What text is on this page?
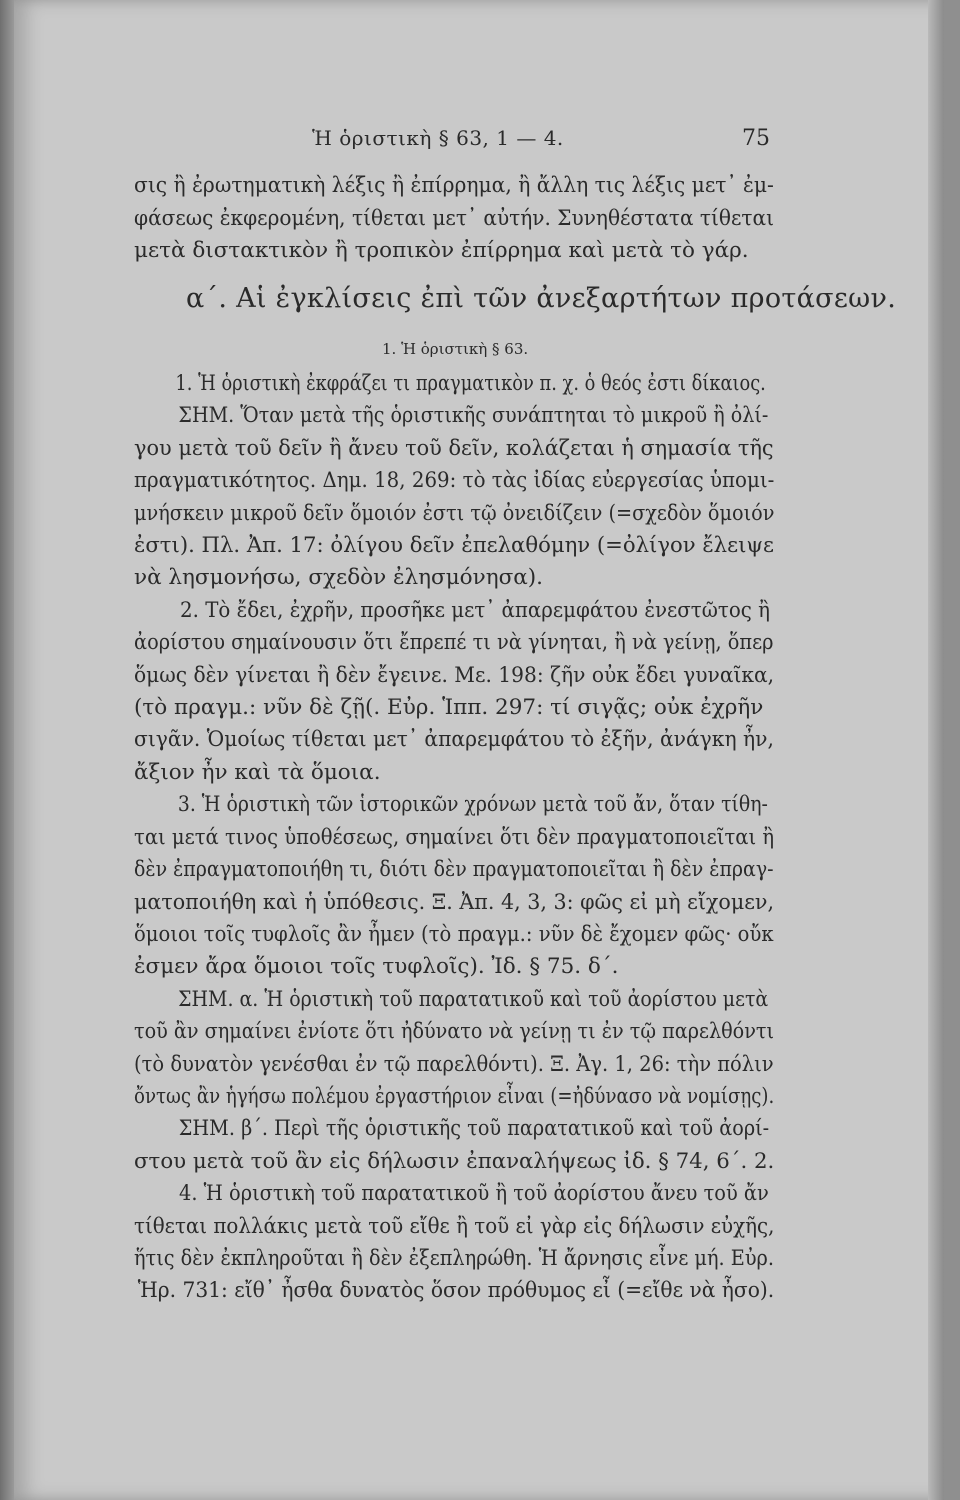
Ἡ ὁριστικὴ § 63, 1 — 4.	75
σις ἢ ἐρωτηματικὴ λέξις ἢ ἐπίρρημα, ἢ ἄλλη τις λέξις μετ᾽ ἐμ-
φάσεως ἐκφερομένη, τίθεται μετ᾽ αὐτήν. Συνηθέστατα τίθεται
μετὰ διστακτικὸν ἢ τροπικὸν ἐπίρρημα καὶ μετὰ τὸ γάρ.
α΄. Αἱ ἐγκλίσεις ἐπὶ τῶν ἀνεξαρτήτων προτάσεων.
1. Ἡ ὁριστικὴ § 63.
1. Ἡ ὁριστικὴ ἐκφράζει τι πραγματικὸν π. χ. ὁ θεός ἐστι δίκαιος.
ΣΗΜ. Ὅταν μετὰ τῆς ὁριστικῆς συνάπτηται τὸ μικροῦ ἢ ὀλί-
γου μετὰ τοῦ δεῖν ἢ ἄνευ τοῦ δεῖν, κολάζεται ἡ σημασία τῆς
πραγματικότητος. Δημ. 18, 269: τὸ τὰς ἰδίας εὐεργεσίας ὑπομι-
μνήσκειν μικροῦ δεῖν ὅμοιόν ἐστι τῷ ὀνειδίζειν (=σχεδὸν ὅμοιόν
ἐστι). Πλ. Ἀπ. 17: ὀλίγου δεῖν ἐπελαθόμην (=ὀλίγον ἔλειψε
νὰ λησμονήσω, σχεδὸν ἐλησμόνησα).
2. Τὸ ἔδει, ἐχρῆν, προσῆκε μετ᾽ ἀπαρεμφάτου ἐνεστῶτος ἢ
ἀορίστου σημαίνουσιν ὅτι ἔπρεπέ τι νὰ γίνηται, ἢ νὰ γείνῃ, ὅπερ
ὅμως δὲν γίνεται ἢ δὲν ἔγεινε. Με. 198: ζῆν οὐκ ἔδει γυναῖκα,
(τὸ πραγμ.: νῦν δὲ ζῇ(. Εὐρ. Ἱππ. 297: τί σιγᾷς; οὐκ ἐχρῆν
σιγᾶν. Ὁμοίως τίθεται μετ᾽ ἀπαρεμφάτου τὸ ἐξῆν, ἀνάγκη ἦν,
ἄξιον ἦν καὶ τὰ ὅμοια.
3. Ἡ ὁριστικὴ τῶν ἱστορικῶν χρόνων μετὰ τοῦ ἄν, ὅταν τίθη-
ται μετά τινος ὑποθέσεως, σημαίνει ὅτι δὲν πραγματοποιεῖται ἢ
δὲν ἐπραγματοποιήθη τι, διότι δὲν πραγματοποιεῖται ἢ δὲν ἐπραγ-
ματοποιήθη καὶ ἡ ὑπόθεσις. Ξ. Ἀπ. 4, 3, 3: φῶς εἰ μὴ εἴχομεν,
ὅμοιοι τοῖς τυφλοῖς ἂν ἦμεν (τὸ πραγμ.: νῦν δὲ ἔχομεν φῶς· οὔκ
ἐσμεν ἄρα ὅμοιοι τοῖς τυφλοῖς). Ἰδ. § 75. δ΄.
ΣΗΜ. α. Ἡ ὁριστικὴ τοῦ παρατατικοῦ καὶ τοῦ ἀορίστου μετὰ
τοῦ ἂν σημαίνει ἐνίοτε ὅτι ἠδύνατο νὰ γείνῃ τι ἐν τῷ παρελθόντι
(τὸ δυνατὸν γενέσθαι ἐν τῷ παρελθόντι). Ξ. Ἀγ. 1, 26: τὴν πόλιν
ὄντως ἂν ἡγήσω πολέμου ἐργαστήριον εἶναι (=ἠδύνασο νὰ νομίσῃς).
ΣΗΜ. β΄. Περὶ τῆς ὁριστικῆς τοῦ παρατατικοῦ καὶ τοῦ ἀορί-
στου μετὰ τοῦ ἂν εἰς δήλωσιν ἐπαναλήψεως ἰδ. § 74, 6΄. 2.
4. Ἡ ὁριστικὴ τοῦ παρατατικοῦ ἢ τοῦ ἀορίστου ἄνευ τοῦ ἄν
τίθεται πολλάκις μετὰ τοῦ εἴθε ἢ τοῦ εἰ γὰρ εἰς δήλωσιν εὐχῆς,
ἥτις δὲν ἐκπληροῦται ἢ δὲν ἐξεπληρώθη. Ἡ ἄρνησις εἶνε μή. Εὐρ.
Ἡρ. 731: εἴθ᾽ ἦσθα δυνατὸς ὅσον πρόθυμος εἶ (=εἴθε νὰ ἦσο).
